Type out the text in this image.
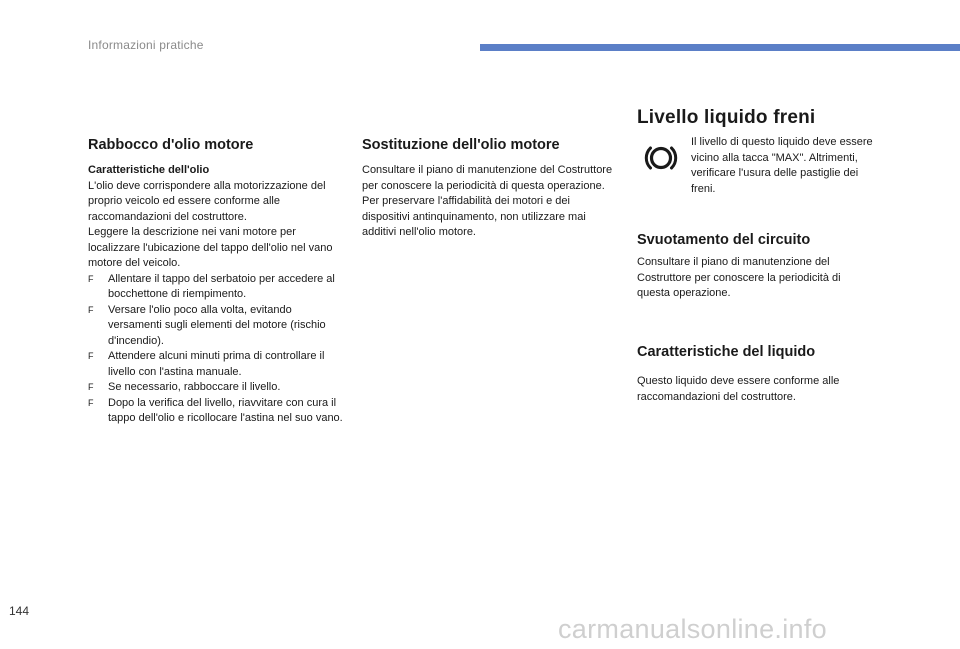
Informazioni pratiche
Rabbocco d'olio motore

Caratteristiche dell'olio

L'olio deve corrispondere alla motorizzazione del proprio veicolo ed essere conforme alle raccomandazioni del costruttore.

Leggere la descrizione nei vani motore per localizzare l'ubicazione del tappo dell'olio nel vano motore del veicolo.

F Allentare il tappo del serbatoio per accedere al bocchettone di riempimento.
F Versare l'olio poco alla volta, evitando versamenti sugli elementi del motore (rischio d'incendio).
F Attendere alcuni minuti prima di controllare il livello con l'astina manuale.
F Se necessario, rabboccare il livello.
F Dopo la verifica del livello, riavvitare con cura il tappo dell'olio e ricollocare l'astina nel suo vano.
Sostituzione dell'olio motore

Consultare il piano di manutenzione del Costruttore per conoscere la periodicità di questa operazione.

Per preservare l'affidabilità dei motori e dei dispositivi antinquinamento, non utilizzare mai additivi nell'olio motore.

Livello liquido freni
Il livello di questo liquido deve essere vicino alla tacca "MAX". Altrimenti, verificare l'usura delle pastiglie dei freni.
Svuotamento del circuito
Consultare il piano di manutenzione del Costruttore per conoscere la periodicità di questa operazione.
Caratteristiche del liquido
Questo liquido deve essere conforme alle raccomandazioni del costruttore.
144
carmanualsonline.info
